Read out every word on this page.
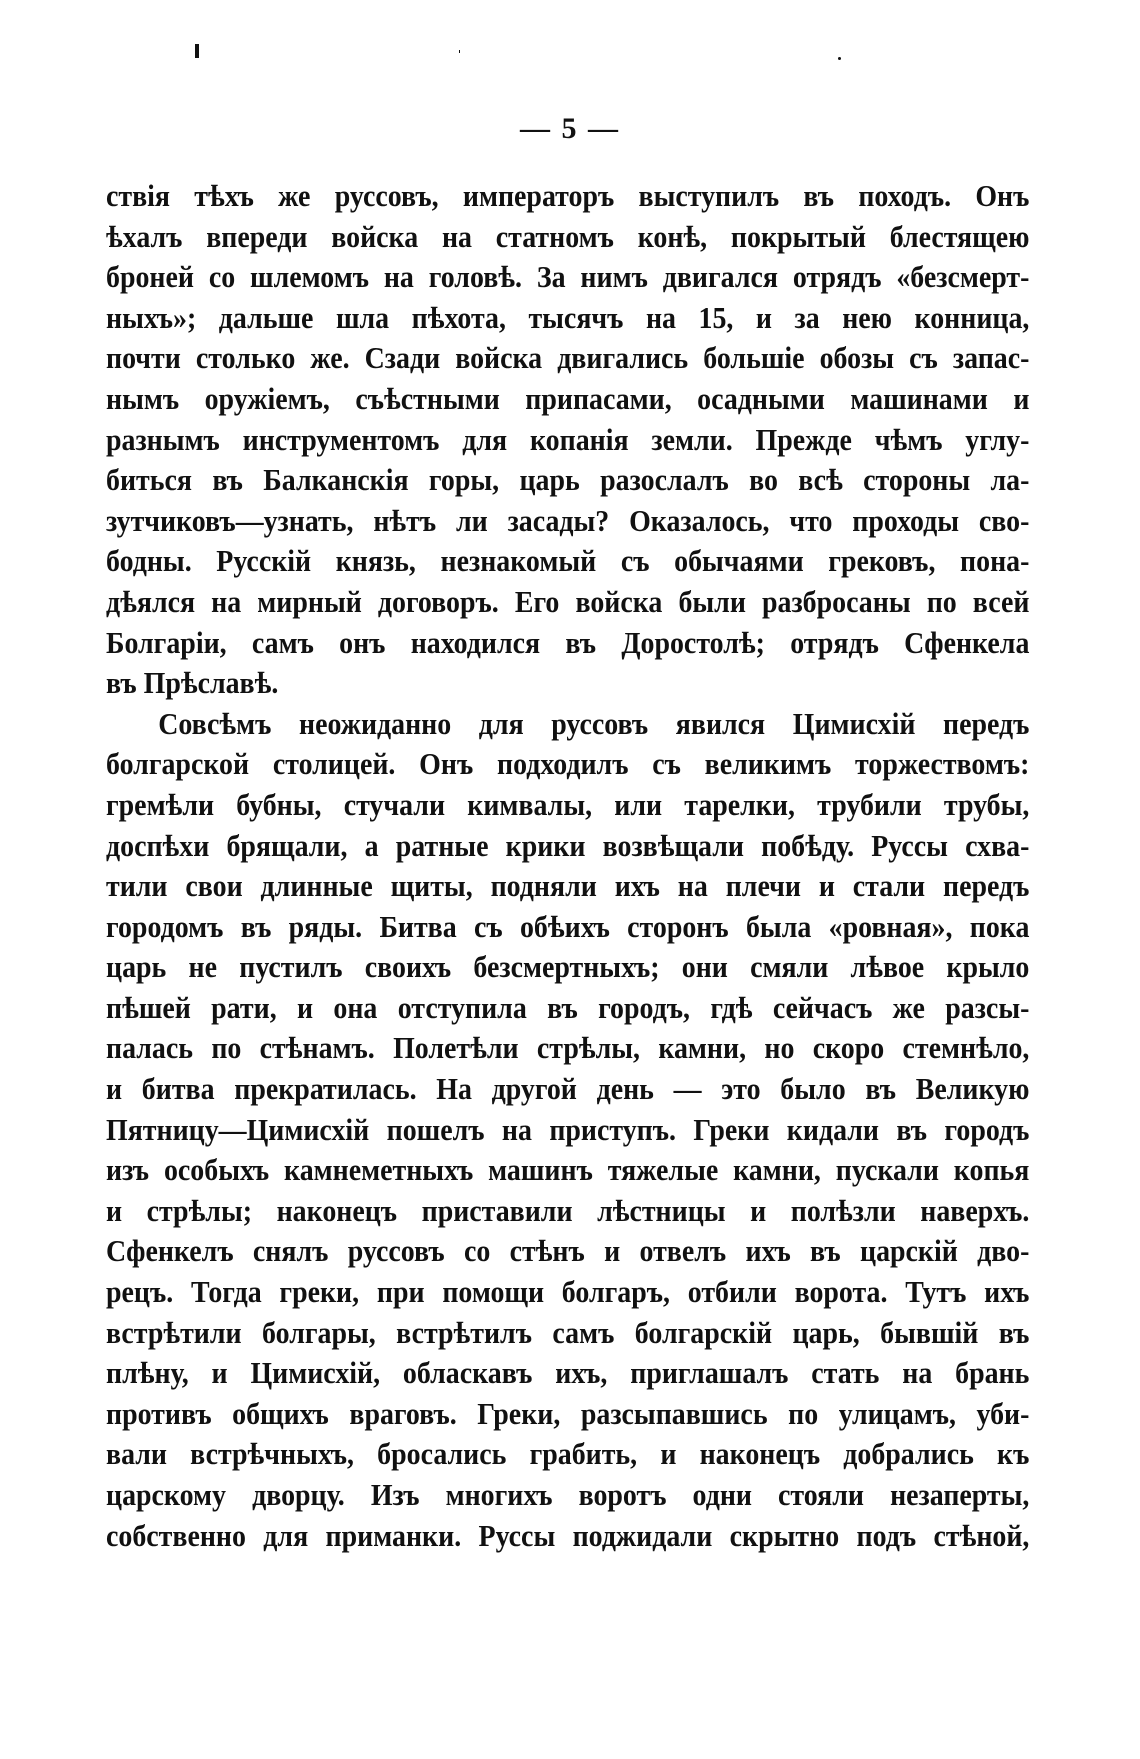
— 5 —
ствія тѣхъ же руссовъ, императоръ выступилъ въ походъ. Онъ
ѣхалъ впереди войска на статномъ конѣ, покрытый блестящею
броней со шлемомъ на головѣ. За нимъ двигался отрядъ «безсмерт-
ныхъ»; дальше шла пѣхота, тысячъ на 15, и за нею конница,
почти столько же. Сзади войска двигались большіе обозы съ запас-
нымъ оружіемъ, съѣстными припасами, осадными машинами и
разнымъ инструментомъ для копанія земли. Прежде чѣмъ углу-
биться въ Балканскія горы, царь разослалъ во всѣ стороны ла-
зутчиковъ—узнать, нѣтъ ли засады? Оказалось, что проходы сво-
бодны. Русскій князь, незнакомый съ обычаями грековъ, пона-
дѣялся на мирный договоръ. Его войска были разбросаны по всей
Болгаріи, самъ онъ находился въ Доростолѣ; отрядъ Сфенкела
въ Прѣславѣ.
Совсѣмъ неожиданно для руссовъ явился Цимисхій передъ
болгарской столицей. Онъ подходилъ съ великимъ торжествомъ:
гремѣли бубны, стучали кимвалы, или тарелки, трубили трубы,
доспѣхи брящали, а ратные крики возвѣщали побѣду. Руссы схва-
тили свои длинные щиты, подняли ихъ на плечи и стали передъ
городомъ въ ряды. Битва съ обѣихъ сторонъ была «ровная», пока
царь не пустилъ своихъ безсмертныхъ; они смяли лѣвое крыло
пѣшей рати, и она отступила въ городъ, гдѣ сейчасъ же разсы-
палась по стѣнамъ. Полетѣли стрѣлы, камни, но скоро стемнѣло,
и битва прекратилась. На другой день — это было въ Великую
Пятницу—Цимисхій пошелъ на приступъ. Греки кидали въ городъ
изъ особыхъ камнеметныхъ машинъ тяжелые камни, пускали копья
и стрѣлы; наконецъ приставили лѣстницы и полѣзли наверхъ.
Сфенкелъ снялъ руссовъ со стѣнъ и отвелъ ихъ въ царскій дво-
рецъ. Тогда греки, при помощи болгаръ, отбили ворота. Тутъ ихъ
встрѣтили болгары, встрѣтилъ самъ болгарскій царь, бывшій въ
плѣну, и Цимисхій, обласкавъ ихъ, приглашалъ стать на брань
противъ общихъ враговъ. Греки, разсыпавшись по улицамъ, уби-
вали встрѣчныхъ, бросались грабить, и наконецъ добрались къ
царскому дворцу. Изъ многихъ воротъ одни стояли незаперты,
собственно для приманки. Руссы поджидали скрытно подъ стѣной,
